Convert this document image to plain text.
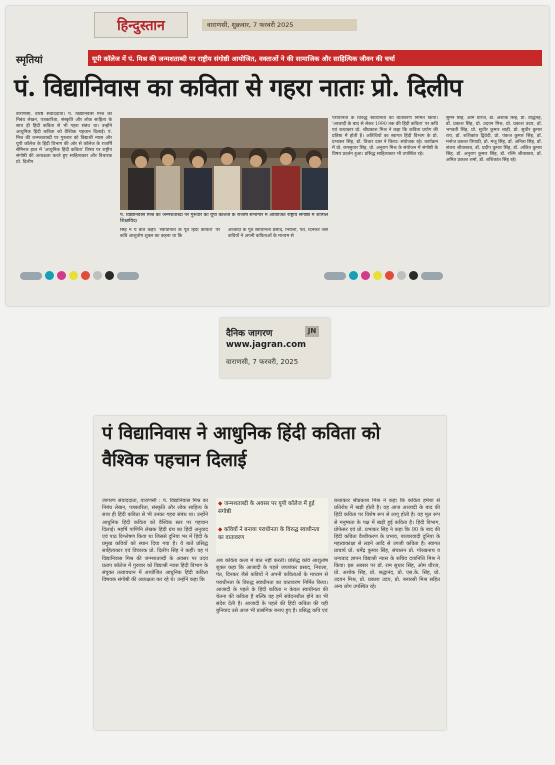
हिन्दुस्तान	वाराणसी, शुक्रवार, 7 फरवरी 2025
स्मृतियां	यूपी कॉलेज में पं. मिश्र की जन्मशताब्दी पर राष्ट्रीय संगोष्ठी आयोजित, वक्ताओं ने की सामाजिक और साहित्यिक जीवन की चर्चा
पं. विद्यानिवास का कविता से गहरा नाताः प्रो. दिलीप
वाराणसी, वरिष्ठ संवाददाता। पं. विद्यानिवास मिश्र का निबंध लेखन, पत्रकारिता, संस्कृति और लोक साहित्य के साथ ही हिंदी कविता से भी गहरा संबंध था। उन्होंने आधुनिक हिंदी कविता को वैश्विक पहचान दिलाई। पं. मिश्र की जन्मशताब्दी पर गुरुवार को विद्याश्री न्यास और यूपी कॉलेज के हिंदी विभाग की ओर से कॉलेज के राजर्षि सेमिनार हाल में 'आधुनिक हिंदी कविता' विषय पर राष्ट्रीय संगोष्ठी की अध्यक्षता करते हुए साहित्यकार और विचारक प्रो. दिलीप
पं. विद्यानिवास मिश्र की जन्मशताब्दी पर गुरुवार को यूपी कॉलेज के राजर्षि सभागार में आयोजित राष्ट्रीय संगोष्ठी में शामिल शिक्षाविद।
सिंह ने ये बात कही। 'स्वाधीनता के पूर्व हिंदी कविता' पर कवि आशुतोष शुक्ल का कहना था कि
आजादी के पूर्व स्वाधीनता प्रसाद, निराला, पंत, दिनकर जैसे कवियों ने अपनी कविताओं के माध्यम से
पराधीनता के विरुद्ध स्वाधीनता का वातावरण निर्मित किया। 'आजादी के बाद से लेकर 1990 तक की हिंदी कविता' पर कवि एवं कथाकार प्रो. श्रीप्रकाश मिश्र ने कहा कि कविता प्रयोग की प्रतिष्ठा में होती है। अतिथियों का स्वागत हिंदी विभाग के प्रो. प्रभाकर सिंह, डॉ. विचार दास ने किया। संयोजक रहे। कार्यक्रम में प्रो. रामसुधार सिंह, प्रो. अनुराग मिश्र के संयोजन में संगोष्ठी के विषय प्रवर्तन हुआ। प्रसिद्ध साहित्यकार भी उपस्थित रहे।
सुमन सिंह, ओम धीरज, डॉ. अशोक सिंह, प्रो. वद्धिनेह, डॉ. प्रकाश सिंह, प्रो. उदयन मिश्र, प्रो. प्रकाश उदय, डॉ. भगवती सिंह, प्रो. सुधीर कुमार शाही, प्रो. सुधीर कुमार राय, डॉ. शशिकांत द्विवेदी, प्रो. पंकज कुमार सिंह, डॉ. मनोज प्रकाश त्रिपाठी, प्रो. मंजू सिंह, डॉ. अनिता सिंह, डॉ. संजय श्रीवास्तव, डॉ. प्रदीप कुमार सिंह, डॉ. अजित कुमार सिंह, डॉ. अनुराग कुमार सिंह, डॉ. रश्मि श्रीवास्तव, डॉ. अमित प्रकाश शर्मा, डॉ. शशिकांत सिंह रहे।
दैनिक जागरण	JN
www.jagran.com
वाराणसी, 7 फरवरी, 2025
पं विद्यानिवास ने आधुनिक हिंदी कविता को वैश्विक पहचान दिलाई
जागरण संवाददाता, वाराणसी : पं. विद्यानिवास मिश्र का निबंध लेखन, पत्रकारिता, संस्कृति और लोक साहित्य के साथ ही हिंदी कविता से भी उनका गहरा संबंध था। उन्होंने आधुनिक हिंदी कविता को वैश्विक स्तर पर पहचान दिलाई। महर्षि पाणिनि लेखक हिंदी ग्रंथ का हिंदी अनुवाद एवं पाठ विश्लेषण किया था जिससे दुनिया भर में हिंदी के प्रमुख कवियों को स्थान दिया गया है। ये बातें प्रसिद्ध साहित्यकार एवं विचारक प्रो. दिलीप सिंह ने कहीं। वह पं विद्यानिवास मिश्र की जन्मशताब्दी के अवसर पर उदय प्रताप कॉलेज में गुरुवार को विद्याश्री न्यास हिंदी विभाग के संयुक्त तत्वावधान में आयोजित आधुनिक हिंदी कविता विषयक संगोष्ठी की अध्यक्षता कर रहे थे। उन्होंने कहा कि
◆ जन्मशताब्दी के अवसर पर यूपी कॉलेज में हुई संगोष्ठी
◆ कवियों ने बनाया पराधीनता के विरुद्ध स्वाधीनता का वातावरण
अब कविता कला में बात नहीं करती। प्रसिद्ध कवि आशुतोष शुक्ल कहा कि आजादी के पहले जयशंकर प्रसाद, निराला, पंत, दिनकर जैसे कवियों ने अपनी कविताओं के माध्यम से पराधीनता के विरुद्ध स्वाधीनता का वातावरण निर्मित किया। आजादी के पहले के हिंदी कविता न केवल स्वाधीनता की चेतना की कविता है बल्कि वह हमें संवेदनशील होने का भी संदेश देती है। आजादी के पहले की हिंदी कविता की यही बुनियाद उसे आज भी प्रासंगिक बनाए हुए है। प्रसिद्ध कवि एवं
कथाकार श्रीप्रकाश मिश्र ने कहा कि कविता हमेशा से प्रतिरोध में खड़ी होती है। वह आज आजादी के बाद की हिंदी कविता पर विशेष रूप से लागू होती है। वह मूल रूप से मनुष्यता के पक्ष में खड़ी हुई कविता है। हिंदी विभाग, प्रोफेसर एवं प्रो. प्रभाकर सिंह ने कहा कि 90 के बाद की हिंदी कविता वैश्वीकरण के प्रभाव, बाजारवादी दुनिया के महत्वाकांक्षा से लड़ने आदि से उपजी कविता है। स्वागत प्राचार्य प्रो. धर्मेंद्र कुमार सिंह, संचालन प्रो. गोरखनाथ व धन्यवाद ज्ञापन विद्याश्री न्यास के सचिव दयानिधि मिश्र ने किया। इस अवसर पर डॉ. राम सुधार सिंह, ओम धीरज, प्रो. अशोक सिंह, प्रो. श्रद्धानंद, प्रो. एस.के. सिंह, प्रो. उदयन मिश्र, प्रो. प्रकाश उदय, प्रो. बनारसी मिश्र सहित अन्य लोग उपस्थित रहे।
